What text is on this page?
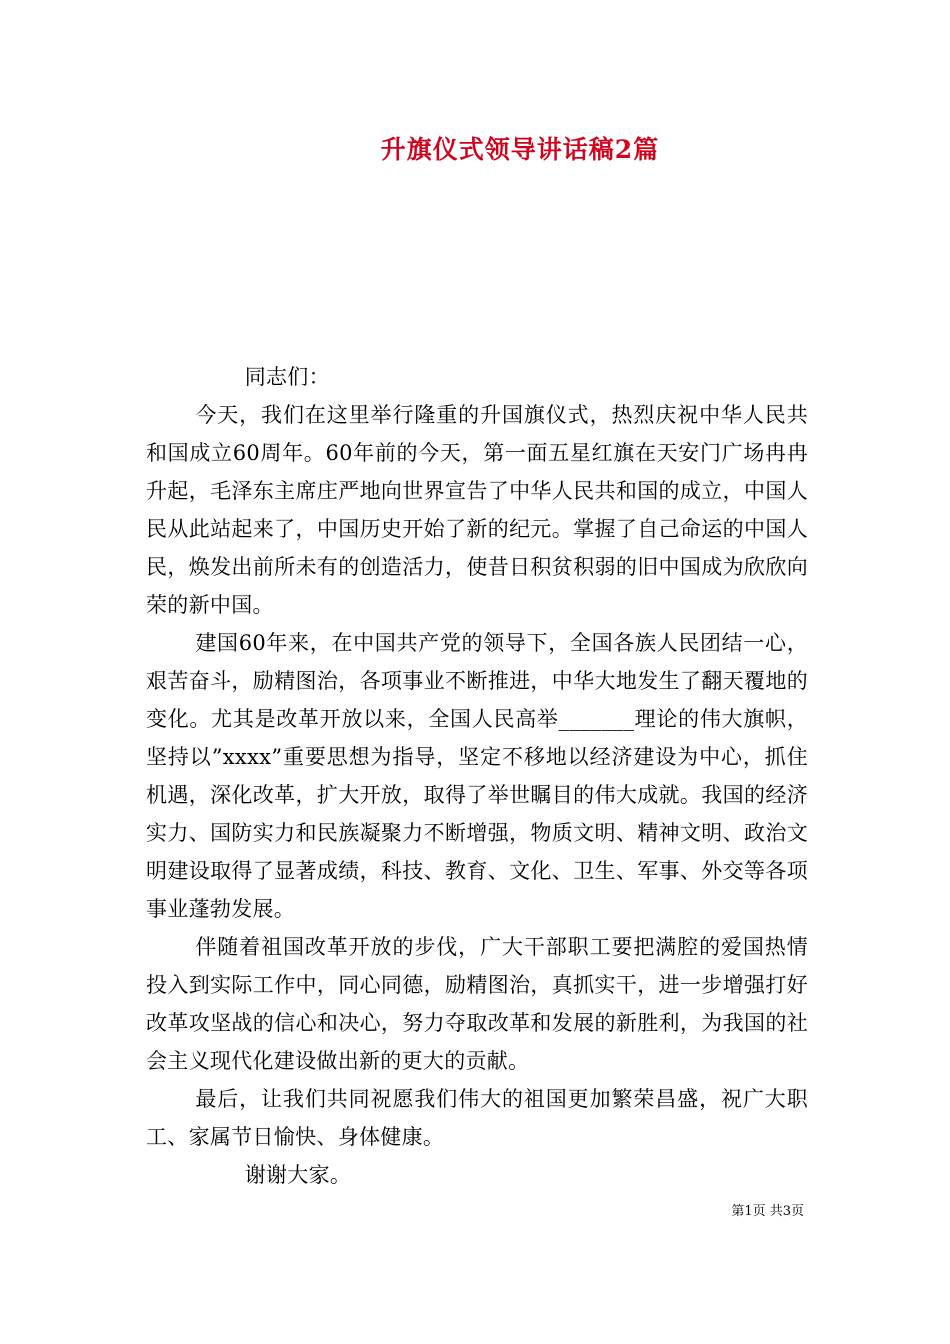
升旗仪式领导讲话稿2篇

同志们：

今天，我们在这里举行隆重的升国旗仪式，热烈庆祝中华人民共和国成立60周年。60年前的今天，第一面五星红旗在天安门广场冉冉升起，毛泽东主席庄严地向世界宣告了中华人民共和国的成立，中国人民从此站起来了，中国历史开始了新的纪元。掌握了自己命运的中国人民，焕发出前所未有的创造活力，使昔日积贫积弱的旧中国成为欣欣向荣的新中国。

建国60年来，在中国共产党的领导下，全国各族人民团结一心，艰苦奋斗，励精图治，各项事业不断推进，中华大地发生了翻天覆地的变化。尤其是改革开放以来，全国人民高举_______理论的伟大旗帜，坚持以”xxxx”重要思想为指导，坚定不移地以经济建设为中心，抓住机遇，深化改革，扩大开放，取得了举世瞩目的伟大成就。我国的经济实力、国防实力和民族凝聚力不断增强，物质文明、精神文明、政治文明建设取得了显著成绩，科技、教育、文化、卫生、军事、外交等各项事业蓬勃发展。

伴随着祖国改革开放的步伐，广大干部职工要把满腔的爱国热情投入到实际工作中，同心同德，励精图治，真抓实干，进一步增强打好改革攻坚战的信心和决心，努力夺取改革和发展的新胜利，为我国的社会主义现代化建设做出新的更大的贡献。

最后，让我们共同祝愿我们伟大的祖国更加繁荣昌盛，祝广大职工、家属节日愉快、身体健康。

谢谢大家。

第1页 共3页
